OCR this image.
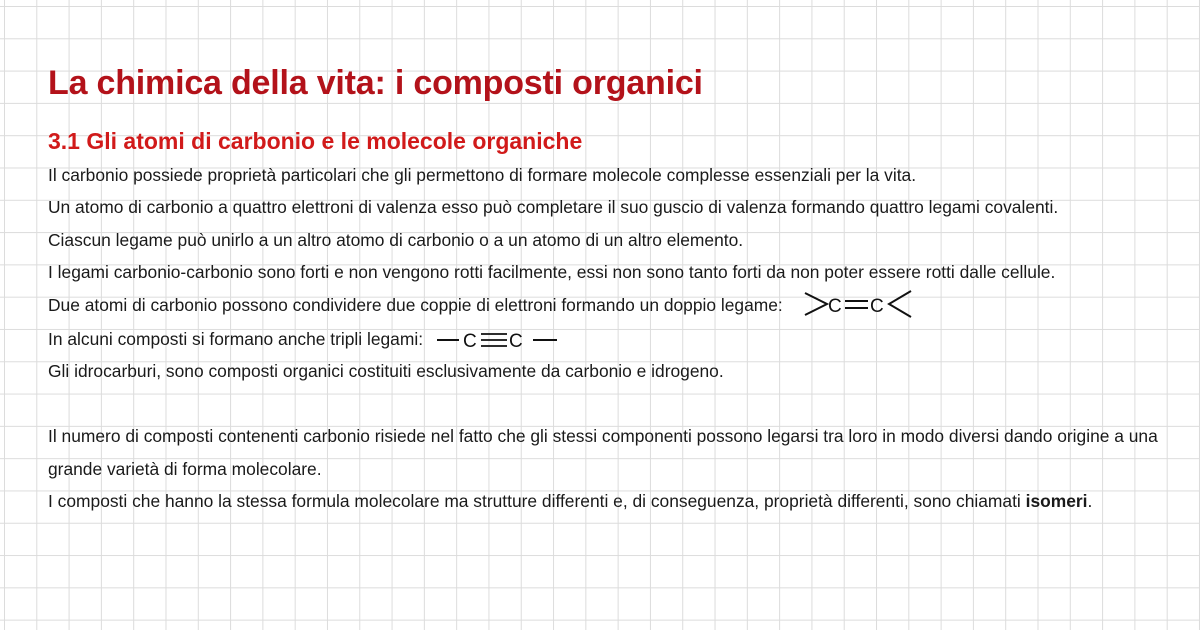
La chimica della vita: i composti organici
3.1 Gli atomi di carbonio e le molecole organiche

Il carbonio possiede proprietà particolari che gli permettono di formare molecole complesse essenziali per la vita.

Un atomo di carbonio a quattro elettroni di valenza esso può completare il suo guscio di valenza formando quattro legami covalenti.

Ciascun legame può unirlo a un altro atomo di carbonio o a un atomo di un altro elemento.

I legami carbonio-carbonio sono forti e non vengono rotti facilmente, essi non sono tanto forti da non poter essere rotti dalle cellule.

Due atomi di carbonio possono condividere due coppie di elettroni formando un doppio legame: C C

In alcuni composti si formano anche tripli legami: C C

Gli idrocarburi, sono composti organici costituiti esclusivamente da carbonio e idrogeno.

Il numero di composti contenenti carbonio risiede nel fatto che gli stessi componenti possono legarsi tra loro in modo diversi dando origine a una grande varietà di forma molecolare.

I composti che hanno la stessa formula molecolare ma strutture differenti e, di conseguenza, proprietà differenti, sono chiamati isomeri.
